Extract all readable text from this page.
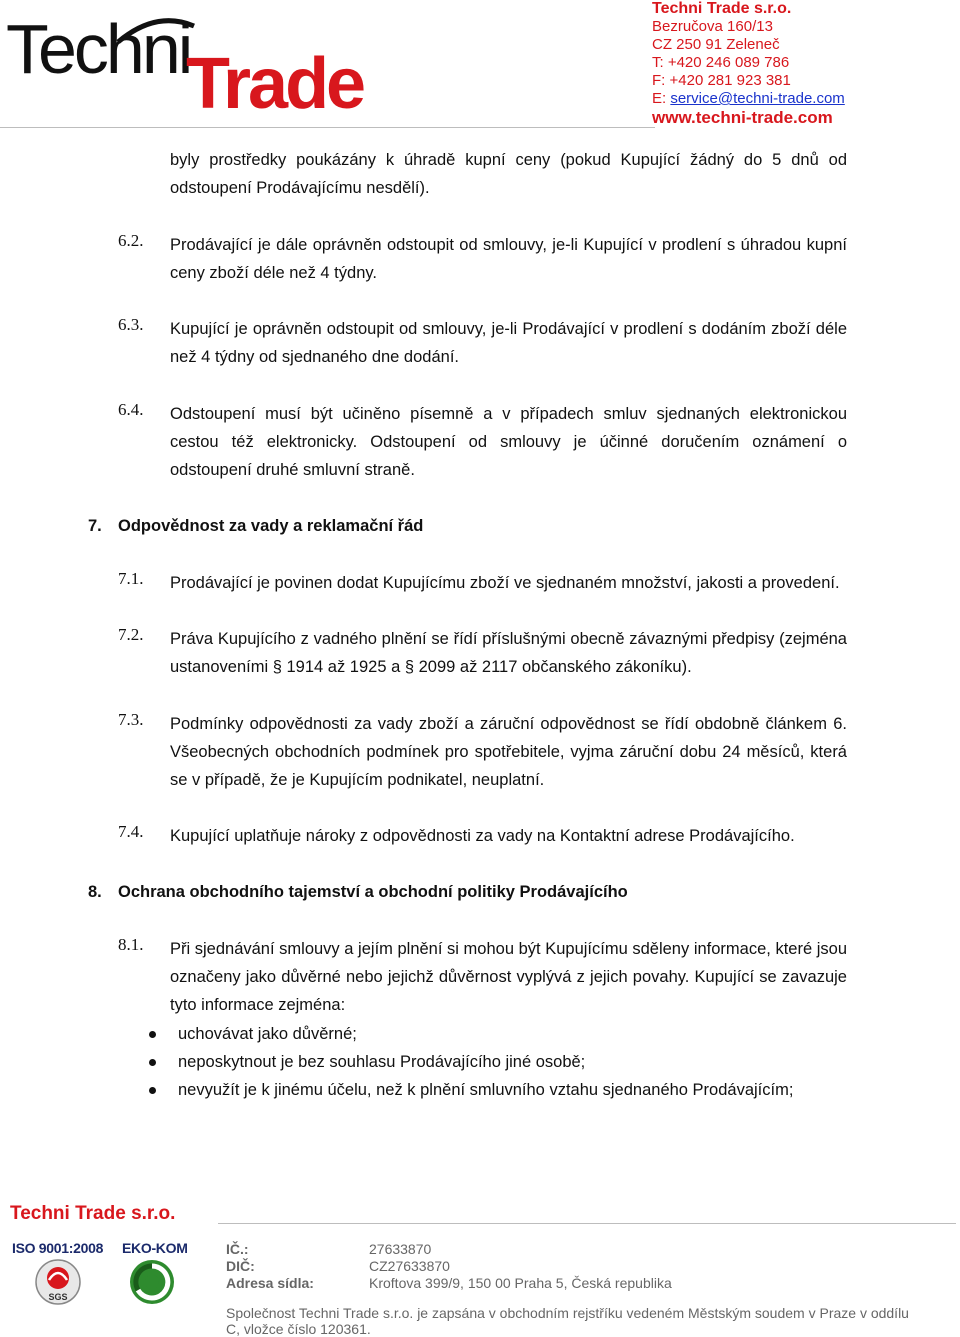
Techni
Trade
Techni Trade s.r.o.
Bezručova 160/13
CZ 250 91 Zeleneč
T: +420 246 089 786
F: +420 281 923 381
E: service@techni-trade.com
www.techni-trade.com
byly prostředky poukázány k úhradě kupní ceny (pokud Kupující žádný do 5 dnů od odstoupení Prodávajícímu nesdělí).
6.2. Prodávající je dále oprávněn odstoupit od smlouvy, je-li Kupující v prodlení s úhradou kupní ceny zboží déle než 4 týdny.
6.3. Kupující je oprávněn odstoupit od smlouvy, je-li Prodávající v prodlení s dodáním zboží déle než 4 týdny od sjednaného dne dodání.
6.4. Odstoupení musí být učiněno písemně a v případech smluv sjednaných elektronickou cestou též elektronicky. Odstoupení od smlouvy je účinné doručením oznámení o odstoupení druhé smluvní straně.
7. Odpovědnost za vady a reklamační řád
7.1. Prodávající je povinen dodat Kupujícímu zboží ve sjednaném množství, jakosti a provedení.
7.2. Práva Kupujícího z vadného plnění se řídí příslušnými obecně závaznými předpisy (zejména ustanoveními § 1914 až 1925 a § 2099 až 2117 občanského zákoníku).
7.3. Podmínky odpovědnosti za vady zboží a záruční odpovědnost se řídí obdobně článkem 6. Všeobecných obchodních podmínek pro spotřebitele, vyjma záruční dobu 24 měsíců, která se v případě, že je Kupujícím podnikatel, neuplatní.
7.4. Kupující uplatňuje nároky z odpovědnosti za vady na Kontaktní adrese Prodávajícího.
8. Ochrana obchodního tajemství a obchodní politiky Prodávajícího
8.1. Při sjednávání smlouvy a jejím plnění si mohou být Kupujícímu sděleny informace, které jsou označeny jako důvěrné nebo jejichž důvěrnost vyplývá z jejich povahy. Kupující se zavazuje tyto informace zejména:
uchovávat jako důvěrné;
neposkytnout je bez souhlasu Prodávajícího jiné osobě;
nevyužít je k jinému účelu, než k plnění smluvního vztahu sjednaného Prodávajícím;
Techni Trade s.r.o.
ISO 9001:2008 EKO-KOM
SGS
IČ.:	27633870
DIČ:	CZ27633870
Adresa sídla:	Kroftova 399/9, 150 00 Praha 5, Česká republika
Společnost Techni Trade s.r.o. je zapsána v obchodním rejstříku vedeném Městským soudem v Praze v oddílu C, vložce číslo 120361.
